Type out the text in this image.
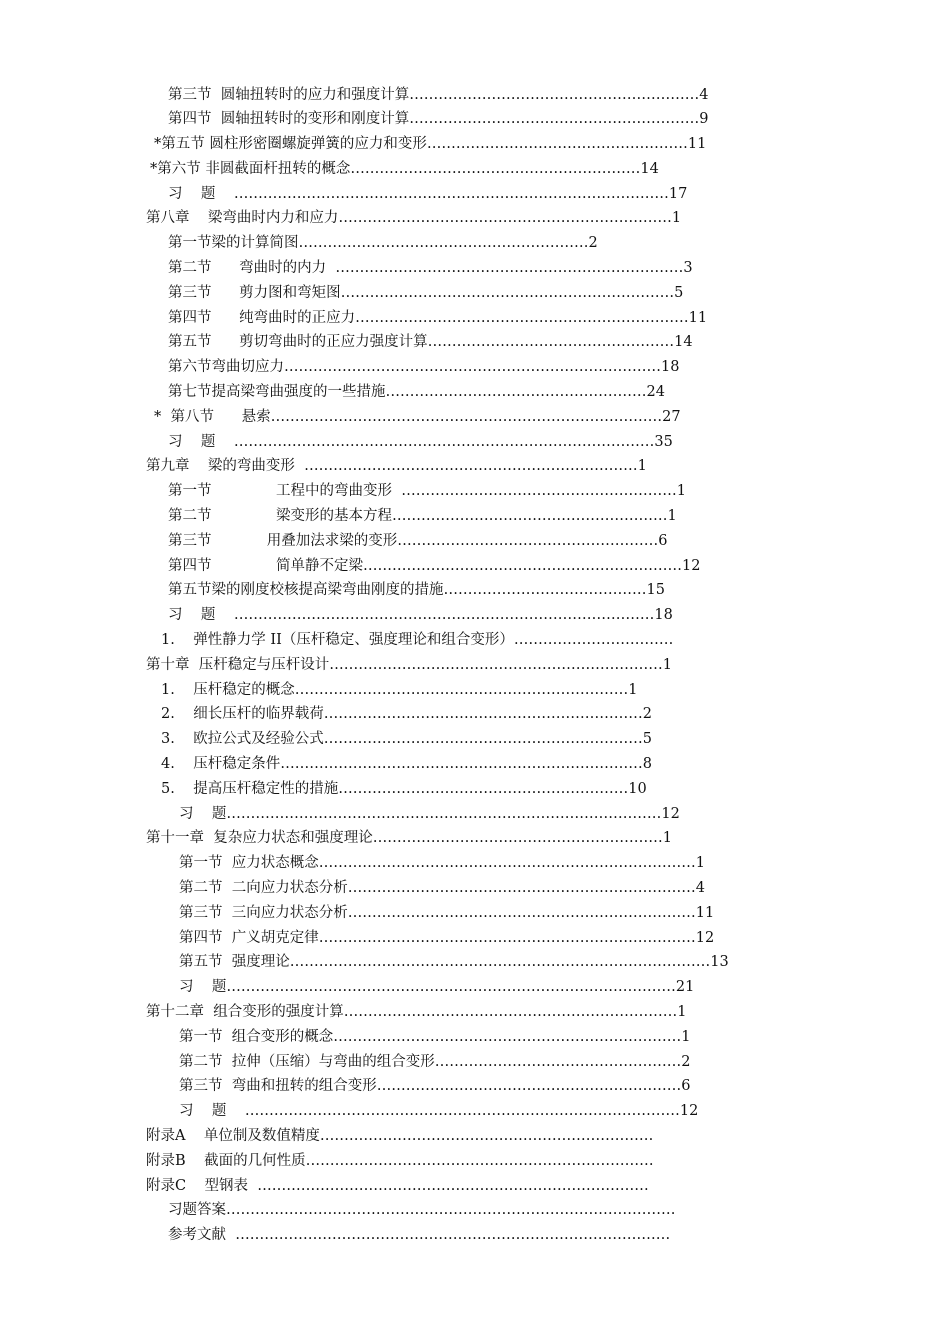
第三节  圆轴扭转时的应力和强度计算……………………………………………………4
第四节  圆轴扭转时的变形和刚度计算……………………………………………………9
*第五节 圆柱形密圈螺旋弹簧的应力和变形………………………………………………11
*第六节 非圆截面杆扭转的概念……………………………………………………14
习    题    ………………………………………………………………………………17
第八章    梁弯曲时内力和应力……………………………………………………………1
第一节梁的计算简图……………………………………………………2
第二节      弯曲时的内力  ………………………………………………………………3
第三节      剪力图和弯矩图……………………………………………………………5
第四节      纯弯曲时的正应力……………………………………………………………11
第五节      剪切弯曲时的正应力强度计算……………………………………………14
第六节弯曲切应力……………………………………………………………………18
第七节提高梁弯曲强度的一些措施………………………………………………24
*  第八节      悬索………………………………………………………………………27
习    题    ……………………………………………………………………………35
第九章    梁的弯曲变形  ……………………………………………………………1
第一节              工程中的弯曲变形  …………………………………………………1
第二节              梁变形的基本方程…………………………………………………1
第三节            用叠加法求梁的变形………………………………………………6
第四节              简单静不定梁…………………………………………………………12
第五节梁的刚度校核提高梁弯曲刚度的措施……………………………………15
习    题    ……………………………………………………………………………18
1.    弹性静力学 II（压杆稳定、强度理论和组合变形）……………………………
第十章  压杆稳定与压杆设计……………………………………………………………1
1.    压杆稳定的概念……………………………………………………………1
2.    细长压杆的临界载荷…………………………………………………………2
3.    欧拉公式及经验公式…………………………………………………………5
4.    压杆稳定条件…………………………………………………………………8
5.    提高压杆稳定性的措施……………………………………………………10
习    题………………………………………………………………………………12
第十一章  复杂应力状态和强度理论……………………………………………………1
第一节  应力状态概念……………………………………………………………………1
第二节  二向应力状态分析………………………………………………………………4
第三节  三向应力状态分析………………………………………………………………11
第四节  广义胡克定律……………………………………………………………………12
第五节  强度理论……………………………………………………………………………13
习    题…………………………………………………………………………………21
第十二章  组合变形的强度计算……………………………………………………………1
第一节  组合变形的概念………………………………………………………………1
第二节  拉伸（压缩）与弯曲的组合变形……………………………………………2
第三节  弯曲和扭转的组合变形………………………………………………………6
习    题    ………………………………………………………………………………12
附录A    单位制及数值精度……………………………………………………………
附录B    截面的几何性质………………………………………………………………
附录C    型钢表  ………………………………………………………………………
习题答案…………………………………………………………………………………
参考文献  ………………………………………………………………………………
